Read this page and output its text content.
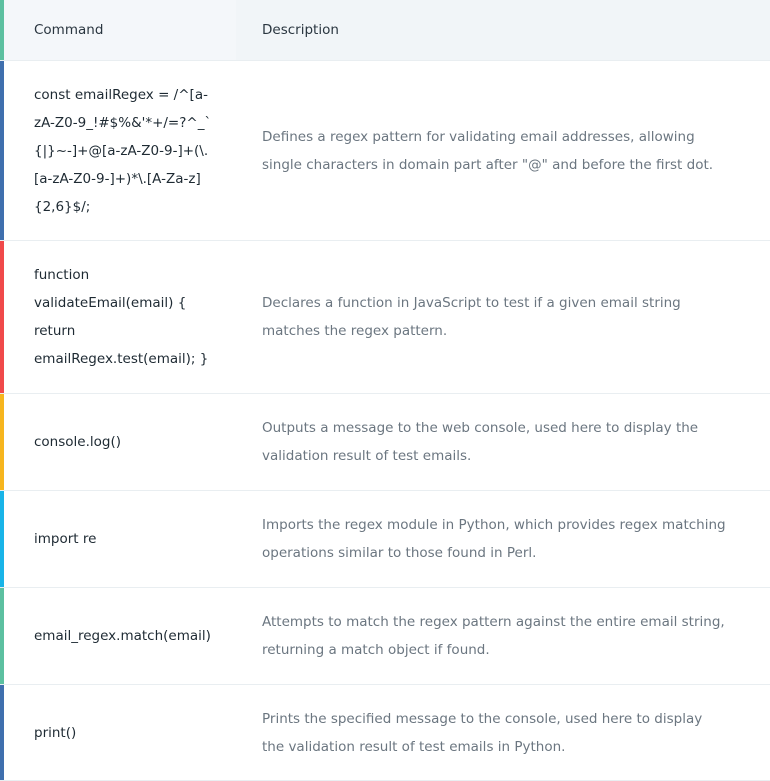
Command	Description
const emailRegex = /^[a-zA-Z0-9_!#$%&'*+/=?^_`{|}~-]+@[a-zA-Z0-9-]+(\.[a-zA-Z0-9-]+)*\.[A-Za-z]{2,6}$/;
Defines a regex pattern for validating email addresses, allowing single characters in domain part after "@" and before the first dot.
function validateEmail(email) { return emailRegex.test(email); }
Declares a function in JavaScript to test if a given email string matches the regex pattern.
console.log()
Outputs a message to the web console, used here to display the validation result of test emails.
import re
Imports the regex module in Python, which provides regex matching operations similar to those found in Perl.
email_regex.match(email)
Attempts to match the regex pattern against the entire email string, returning a match object if found.
print()
Prints the specified message to the console, used here to display the validation result of test emails in Python.
